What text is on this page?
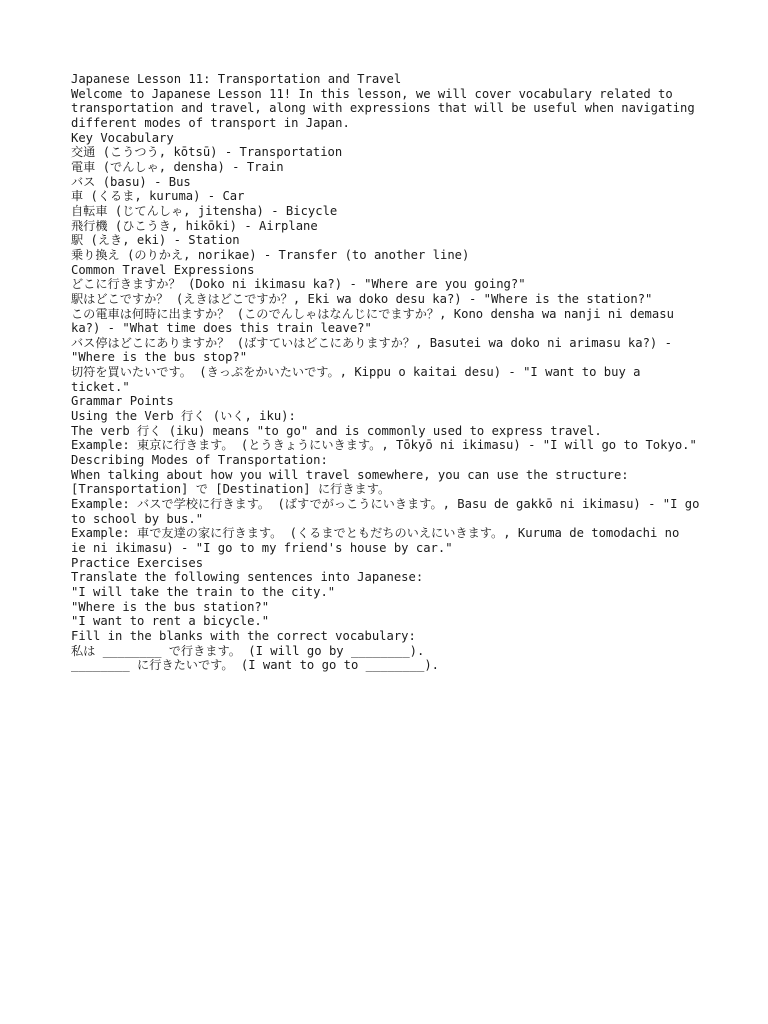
Japanese Lesson 11: Transportation and Travel
Welcome to Japanese Lesson 11! In this lesson, we will cover vocabulary related to transportation and travel, along with expressions that will be useful when navigating different modes of transport in Japan.
Key Vocabulary
交通 (こうつう, kōtsū) - Transportation
電車 (でんしゃ, densha) - Train
バス (basu) - Bus
車 (くるま, kuruma) - Car
自転車 (じてんしゃ, jitensha) - Bicycle
飛行機 (ひこうき, hikōki) - Airplane
駅 (えき, eki) - Station
乗り換え (のりかえ, norikae) - Transfer (to another line)
Common Travel Expressions
どこに行きますか？ (Doko ni ikimasu ka?) - "Where are you going?"
駅はどこですか？ (えきはどこですか？, Eki wa doko desu ka?) - "Where is the station?"
この電車は何時に出ますか？ (このでんしゃはなんじにでますか？, Kono densha wa nanji ni demasu ka?) - "What time does this train leave?"
バス停はどこにありますか？ (ばすていはどこにありますか？, Basutei wa doko ni arimasu ka?) - "Where is the bus stop?"
切符を買いたいです。 (きっぷをかいたいです。, Kippu o kaitai desu) - "I want to buy a ticket."
Grammar Points
Using the Verb 行く (いく, iku):
The verb 行く (iku) means "to go" and is commonly used to express travel.
Example: 東京に行きます。 (とうきょうにいきます。, Tōkyō ni ikimasu) - "I will go to Tokyo."
Describing Modes of Transportation:
When talking about how you will travel somewhere, you can use the structure: [Transportation] で [Destination] に行きます。
Example: バスで学校に行きます。 (ばすでがっこうにいきます。, Basu de gakkō ni ikimasu) - "I go to school by bus."
Example: 車で友達の家に行きます。 (くるまでともだちのいえにいきます。, Kuruma de tomodachi no ie ni ikimasu) - "I go to my friend's house by car."
Practice Exercises
Translate the following sentences into Japanese:
"I will take the train to the city."
"Where is the bus station?"
"I want to rent a bicycle."
Fill in the blanks with the correct vocabulary:
私は ________ で行きます。 (I will go by ________).
________ に行きたいです。 (I want to go to ________).
